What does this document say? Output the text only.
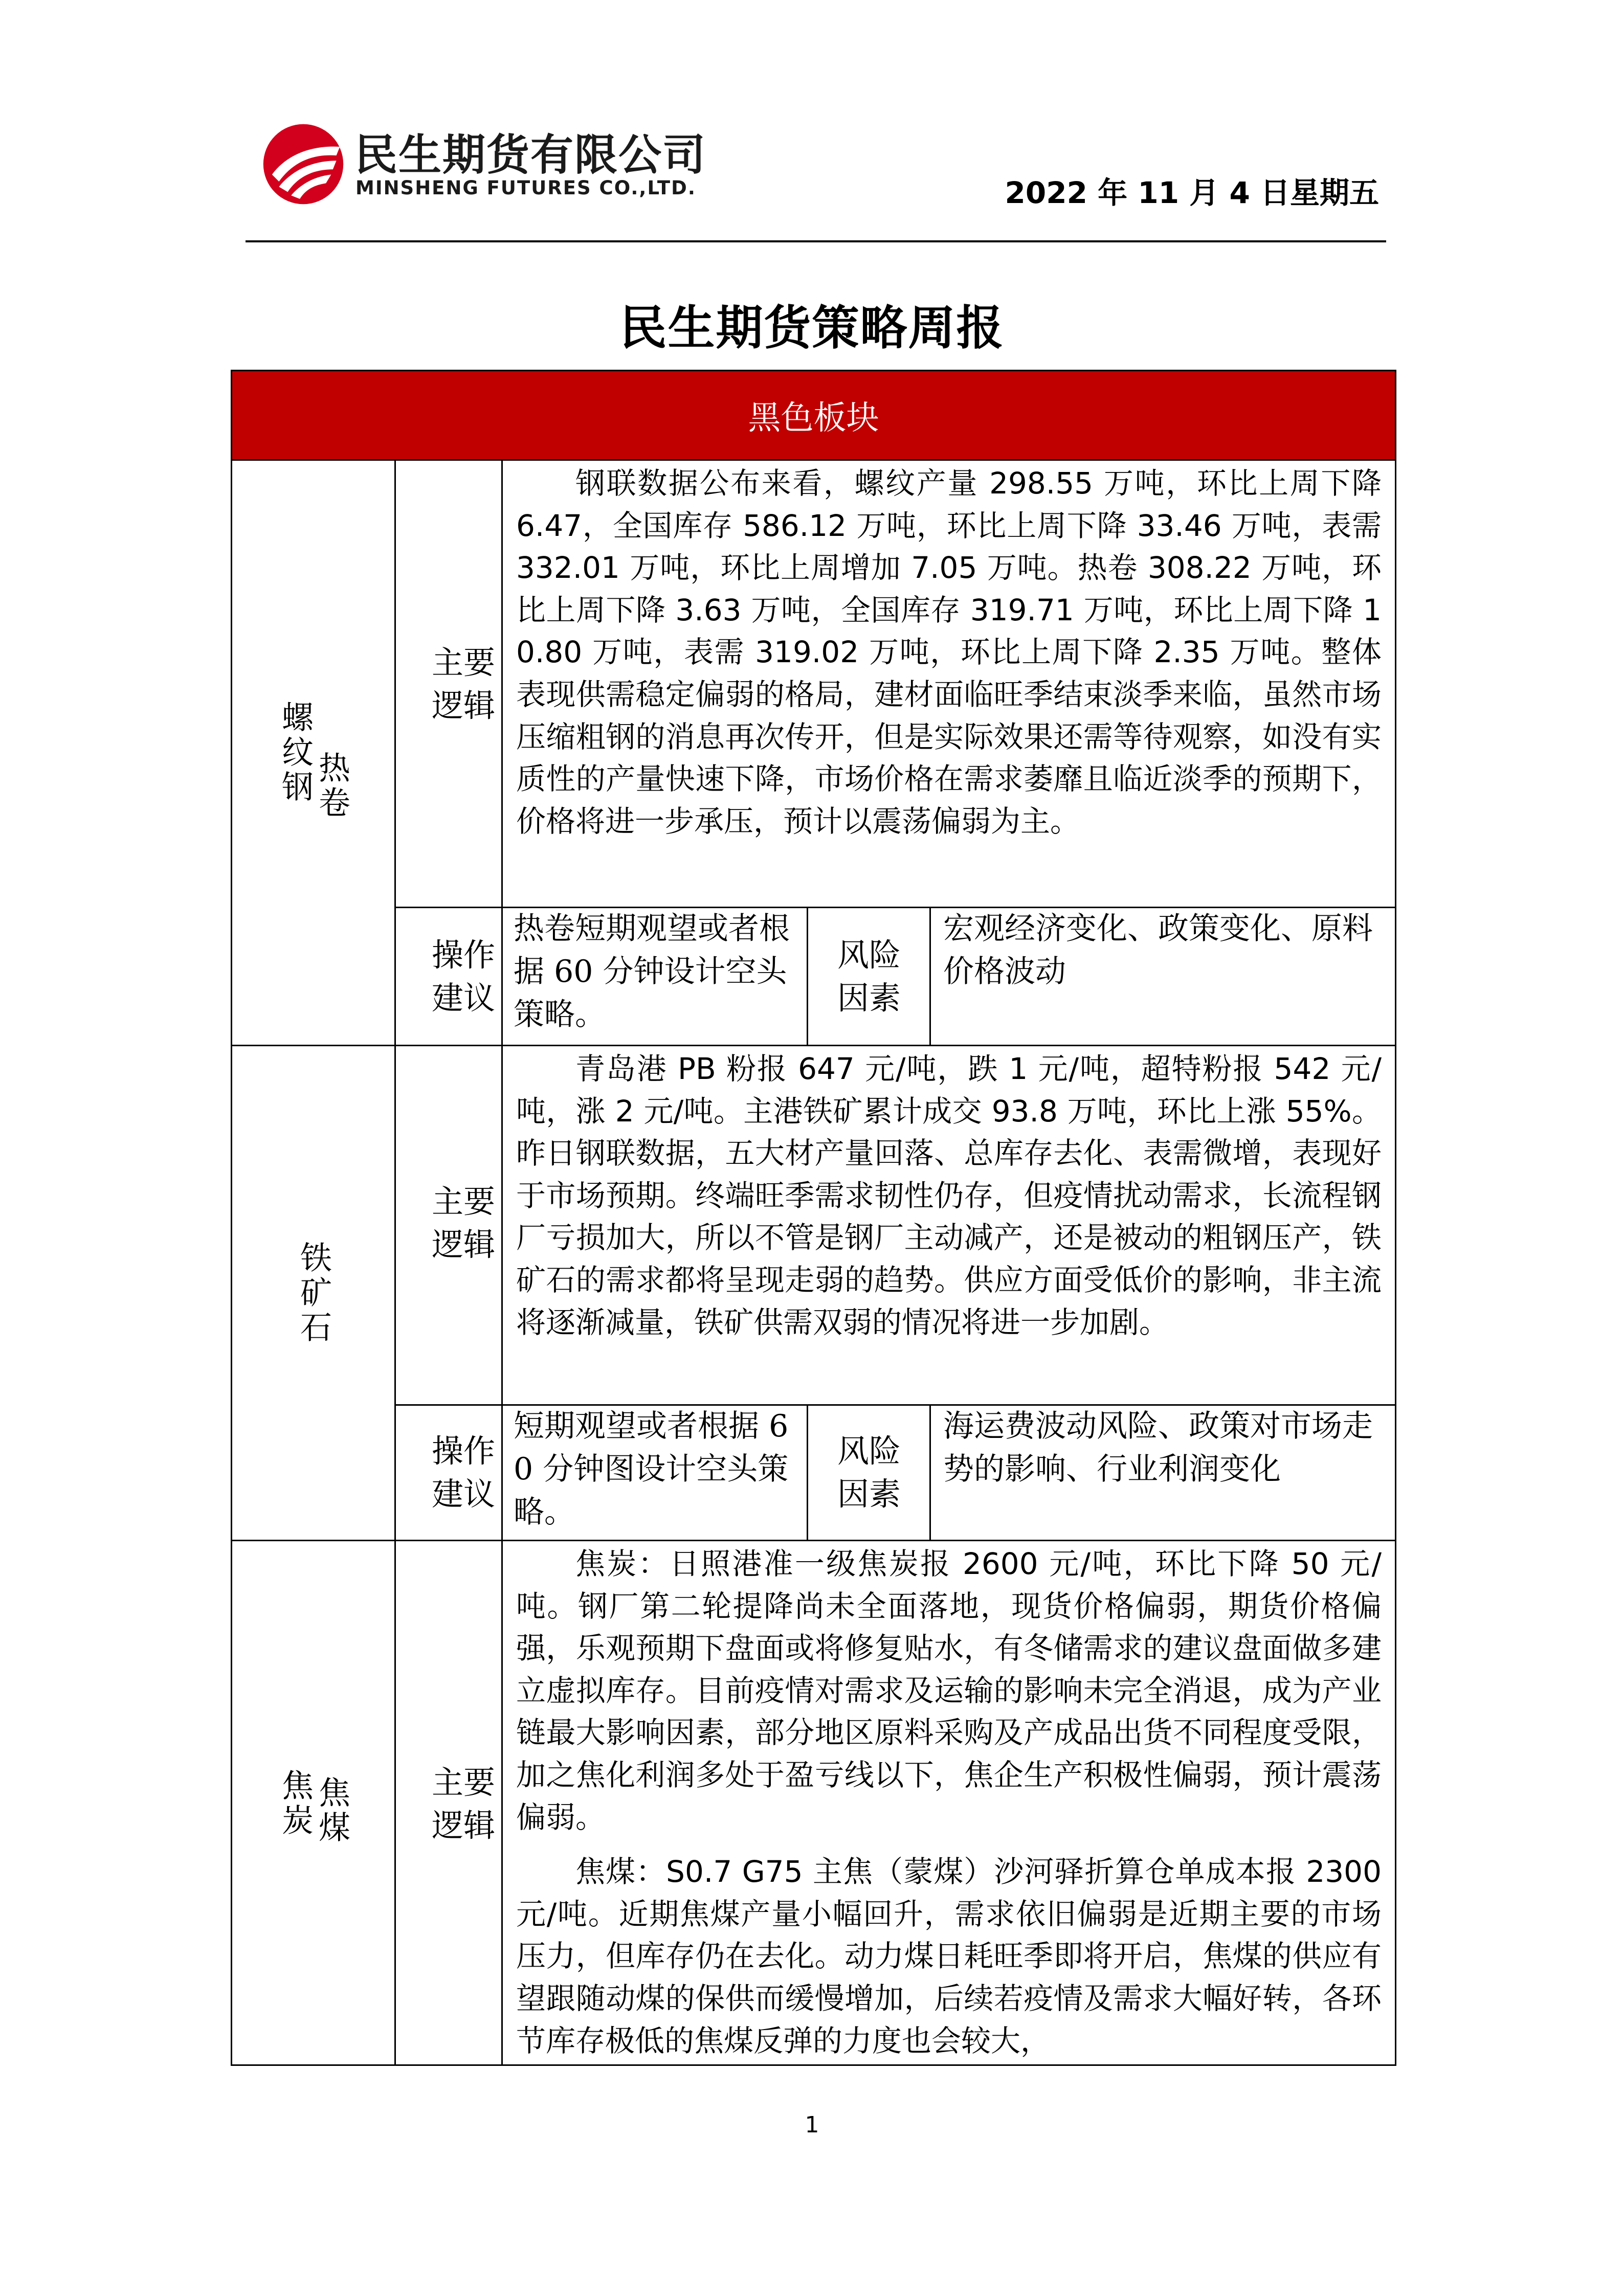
民生期货有限公司
MINSHENG FUTURES CO.,LTD.	2022 年 11 月 4 日星期五
民生期货策略周报
黑色板块
螺纹钢 热卷
主要
逻辑

钢联数据公布来看，螺纹产量 298.55 万吨，环比上周下降 6.47，全国库存 586.12 万吨，环比上周下降 33.46 万吨，表需 332.01 万吨，环比上周增加 7.05 万吨。热卷 308.22 万吨，环比上周下降 3.63 万吨，全国库存 319.71 万吨，环比上周下降 10.80 万吨，表需 319.02 万吨，环比上周下降 2.35 万吨。整体表现供需稳定偏弱的格局，建材面临旺季结束淡季来临，虽然市场压缩粗钢的消息再次传开，但是实际效果还需等待观察，如没有实质性的产量快速下降，市场价格在需求萎靡且临近淡季的预期下，价格将进一步承压，预计以震荡偏弱为主。

操作
建议
热卷短期观望或者根据 60 分钟设计空头策略。
风险
因素
宏观经济变化、政策变化、原料价格波动
铁矿石
主要
逻辑

青岛港 PB 粉报 647 元/吨，跌 1 元/吨，超特粉报 542 元/吨，涨 2 元/吨。主港铁矿累计成交 93.8 万吨，环比上涨 55%。昨日钢联数据，五大材产量回落、总库存去化、表需微增，表现好于市场预期。终端旺季需求韧性仍存，但疫情扰动需求，长流程钢厂亏损加大，所以不管是钢厂主动减产，还是被动的粗钢压产，铁矿石的需求都将呈现走弱的趋势。供应方面受低价的影响，非主流将逐渐减量，铁矿供需双弱的情况将进一步加剧。

操作
建议
短期观望或者根据 60 分钟图设计空头策略。
风险
因素
海运费波动风险、政策对市场走势的影响、行业利润变化
焦炭 焦煤	主要
逻辑

焦炭：日照港准一级焦炭报 2600 元/吨，环比下降 50 元/吨。钢厂第二轮提降尚未全面落地，现货价格偏弱，期货价格偏强，乐观预期下盘面或将修复贴水，有冬储需求的建议盘面做多建立虚拟库存。目前疫情对需求及运输的影响未完全消退，成为产业链最大影响因素，部分地区原料采购及产成品出货不同程度受限，加之焦化利润多处于盈亏线以下，焦企生产积极性偏弱，预计震荡偏弱。

焦煤：S0.7 G75 主焦（蒙煤）沙河驿折算仓单成本报 2300 元/吨。近期焦煤产量小幅回升，需求依旧偏弱是近期主要的市场压力，但库存仍在去化。动力煤日耗旺季即将开启，焦煤的供应有望跟随动煤的保供而缓慢增加，后续若疫情及需求大幅好转，各环节库存极低的焦煤反弹的力度也会较大，

1
